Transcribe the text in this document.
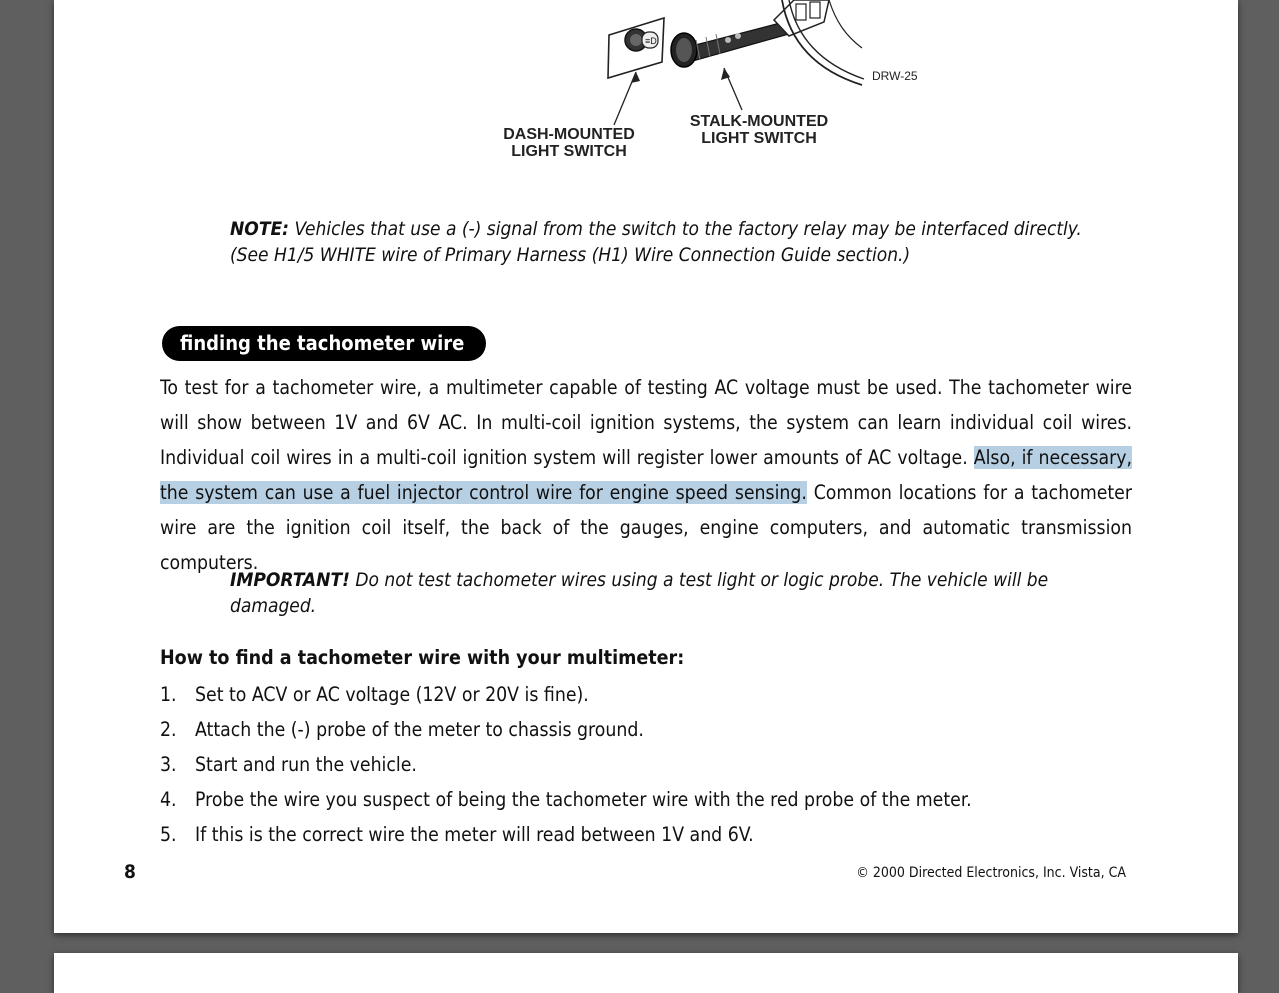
≡D
DRW-25
DASH-MOUNTED
LIGHT SWITCH
STALK-MOUNTED
LIGHT SWITCH
NOTE: Vehicles that use a (-) signal from the switch to the factory relay may be interfaced directly.
(See H1/5 WHITE wire of Primary Harness (H1) Wire Connection Guide section.)
finding the tachometer wire
To test for a tachometer wire, a multimeter capable of testing AC voltage must be used. The tachometer wire will show between 1V and 6V AC. In multi-coil ignition systems, the system can learn individual coil wires. Individual coil wires in a multi-coil ignition system will register lower amounts of AC voltage. Also, if necessary, the system can use a fuel injector control wire for engine speed sensing. Common locations for a tachometer wire are the ignition coil itself, the back of the gauges, engine computers, and automatic transmission computers.
IMPORTANT! Do not test tachometer wires using a test light or logic probe. The vehicle will be damaged.
How to find a tachometer wire with your multimeter:
1. Set to ACV or AC voltage (12V or 20V is fine).
2. Attach the (-) probe of the meter to chassis ground.
3. Start and run the vehicle.
4. Probe the wire you suspect of being the tachometer wire with the red probe of the meter.
5. If this is the correct wire the meter will read between 1V and 6V.
8	© 2000 Directed Electronics, Inc. Vista, CA
